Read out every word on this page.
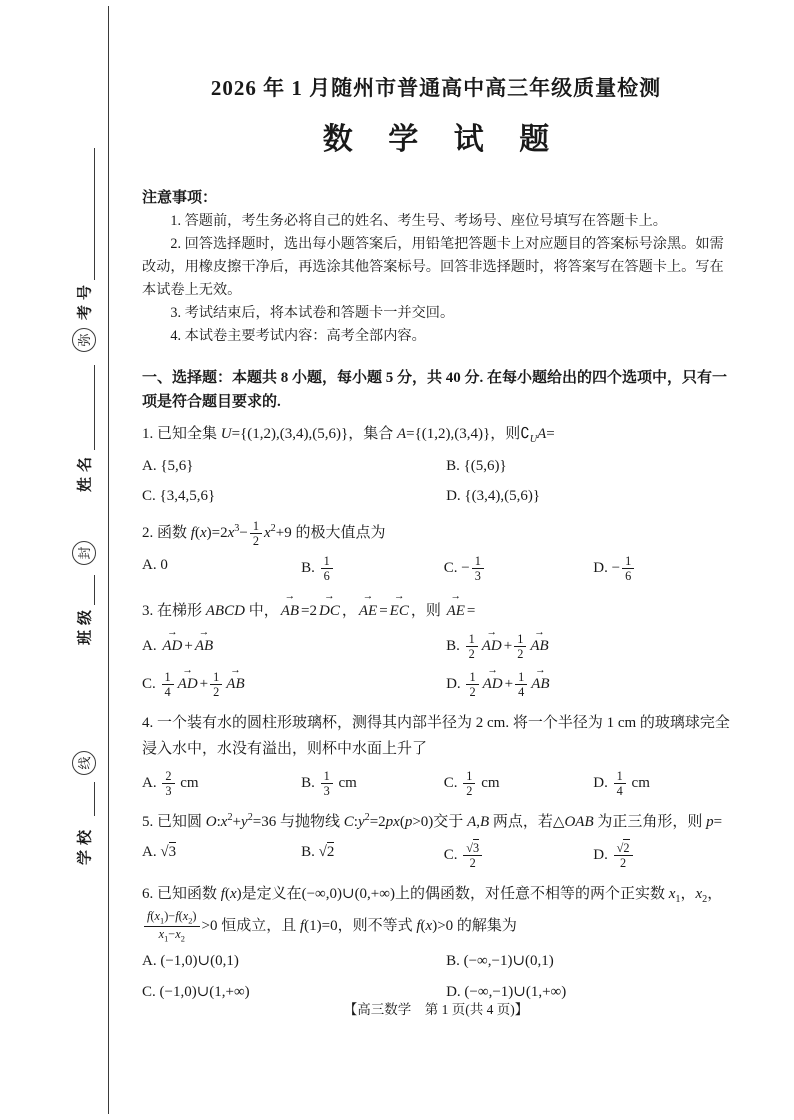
考号
弥
姓名
封
班级
线
学校
2026 年 1 月随州市普通高中高三年级质量检测
数 学 试 题

注意事项：

1. 答题前，考生务必将自己的姓名、考生号、考场号、座位号填写在答题卡上。

2. 回答选择题时，选出每小题答案后，用铅笔把答题卡上对应题目的答案标号涂黑。如需改动，用橡皮擦干净后，再选涂其他答案标号。回答非选择题时，将答案写在答题卡上。写在本试卷上无效。

3. 考试结束后，将本试卷和答题卡一并交回。

4. 本试卷主要考试内容：高考全部内容。

一、选择题：本题共 8 小题，每小题 5 分，共 40 分. 在每小题给出的四个选项中，只有一项是符合题目要求的.

1. 已知全集 U={(1,2),(3,4),(5,6)}，集合 A={(1,2),(3,4)}，则$∁_UA=$
A. {5,6}	B. {(5,6)}
C. {3,4,5,6}	D. {(3,4),(5,6)}
2. 函数 $f(x)=2x^3- \frac{1}{2} x^2+9$ 的极大值点为
A. 0	B. $\frac{1}{6}$	C. − $\frac{1}{3}$	D. − $\frac{1}{6}$
3. 在梯形 ABCD 中， → AB =2 → DC ， → AE = → EC ，则 → AE =
A. → AD + → AB	B. $\frac{1}{2}$ → AD + $\frac{1}{2}$ → AB
C. $\frac{1}{4}$ → AD + $\frac{1}{2}$ → AB	D. $\frac{1}{2}$ → AD + $\frac{1}{4}$ → AB
4. 一个装有水的圆柱形玻璃杯，测得其内部半径为 2 cm. 将一个半径为 1 cm 的玻璃球完全浸入水中，水没有溢出，则杯中水面上升了
A. $\frac{2}{3}$ cm	B. $\frac{1}{3}$ cm	C. $\frac{1}{2}$ cm	D. $\frac{1}{4}$ cm
5. 已知圆 $O:x^2+y^2=36$ 与抛物线 $C:y^2=2px(p>0)$交于 A,B 两点，若△OAB 为正三角形，则 p=
A. √3	B. √2	C. $\frac{√3}{2}$	D. $\frac{√2}{2}$
6. 已知函数 f(x)是定义在(−∞,0)∪(0,+∞)上的偶函数，对任意不相等的两个正实数 $x_1$，$x_2$，
$\frac{f(x_1)-f(x_2)}{x_1-x_2} >0$ 恒成立，且 f(1)=0，则不等式 f(x)>0 的解集为
A. (−1,0)∪(0,1)	B. (−∞,−1)∪(0,1)
C. (−1,0)∪(1,+∞)	D. (−∞,−1)∪(1,+∞)
【高三数学　第 1 页(共 4 页)】
